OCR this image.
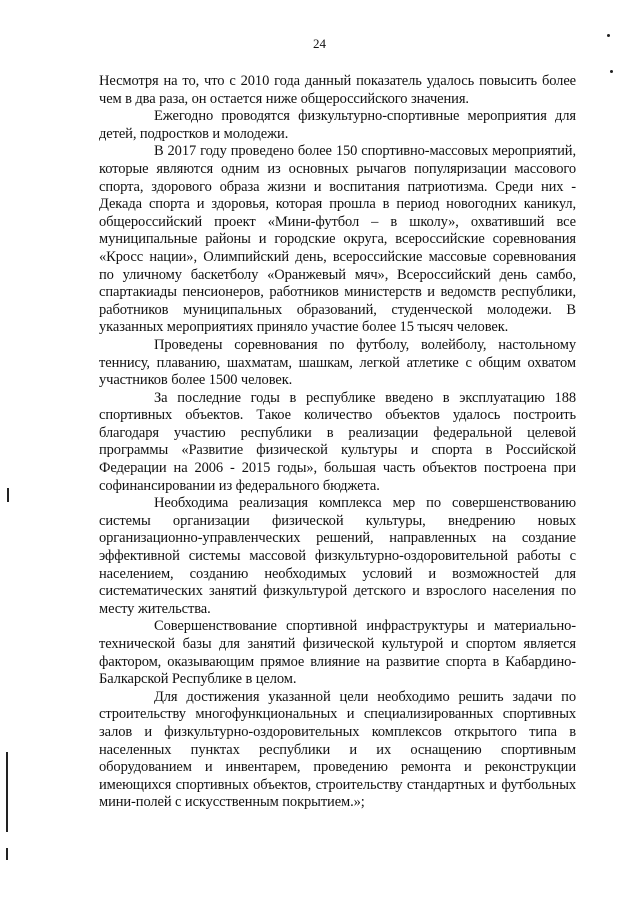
24

Несмотря на то, что с 2010 года данный показатель удалось повысить более чем в два раза, он остается ниже общероссийского значения.

Ежегодно проводятся физкультурно-спортивные мероприятия для детей, подростков и молодежи.

В 2017 году проведено более 150 спортивно-массовых мероприятий, которые являются одним из основных рычагов популяризации массового спорта, здорового образа жизни и воспитания патриотизма. Среди них - Декада спорта и здоровья, которая прошла в период новогодних каникул, общероссийский проект «Мини-футбол – в школу», охвативший все муниципальные районы и городские округа, всероссийские соревнования «Кросс нации», Олимпийский день, всероссийские массовые соревнования по уличному баскетболу «Оранжевый мяч», Всероссийский день самбо, спартакиады пенсионеров, работников министерств и ведомств республики, работников муниципальных образований, студенческой молодежи. В указанных мероприятиях приняло участие более 15 тысяч человек.

Проведены соревнования по футболу, волейболу, настольному теннису, плаванию, шахматам, шашкам, легкой атлетике с общим охватом участников более 1500 человек.

За последние годы в республике введено в эксплуатацию 188 спортивных объектов. Такое количество объектов удалось построить благодаря участию республики в реализации федеральной целевой программы «Развитие физической культуры и спорта в Российской Федерации на 2006 - 2015 годы», большая часть объектов построена при софинансировании из федерального бюджета.

Необходима реализация комплекса мер по совершенствованию системы организации физической культуры, внедрению новых организационно-управленческих решений, направленных на создание эффективной системы массовой физкультурно-оздоровительной работы с населением, созданию необходимых условий и возможностей для систематических занятий физкультурой детского и взрослого населения по месту жительства.

Совершенствование спортивной инфраструктуры и материально-технической базы для занятий физической культурой и спортом является фактором, оказывающим прямое влияние на развитие спорта в Кабардино-Балкарской Республике в целом.

Для достижения указанной цели необходимо решить задачи по строительству многофункциональных и специализированных спортивных залов и физкультурно-оздоровительных комплексов открытого типа в населенных пунктах республики и их оснащению спортивным оборудованием и инвентарем, проведению ремонта и реконструкции имеющихся спортивных объектов, строительству стандартных и футбольных мини-полей с искусственным покрытием.»;
